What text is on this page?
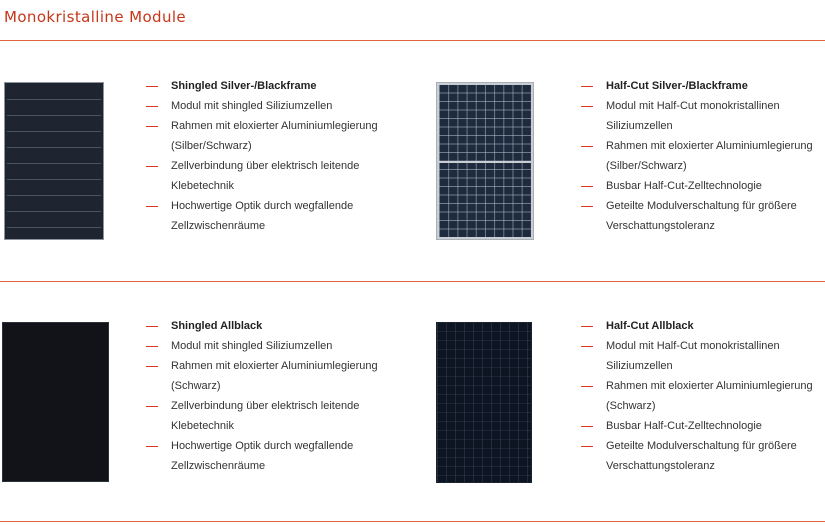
Monokristalline Module
Shingled Silver-/Blackframe
Modul mit shingled Siliziumzellen
Rahmen mit eloxierter Aluminiumlegierung
(Silber/Schwarz)
Zellverbindung über elektrisch leitende
Klebetechnik
Hochwertige Optik durch wegfallende
Zellzwischenräume
Half-Cut Silver-/Blackframe
Modul mit Half-Cut monokristallinen
Siliziumzellen
Rahmen mit eloxierter Aluminiumlegierung
(Silber/Schwarz)
Busbar Half-Cut-Zelltechnologie
Geteilte Modulverschaltung für größere
Verschattungstoleranz
Shingled Allblack
Modul mit shingled Siliziumzellen
Rahmen mit eloxierter Aluminiumlegierung
(Schwarz)
Zellverbindung über elektrisch leitende
Klebetechnik
Hochwertige Optik durch wegfallende
Zellzwischenräume
Half-Cut Allblack
Modul mit Half-Cut monokristallinen
Siliziumzellen
Rahmen mit eloxierter Aluminiumlegierung
(Schwarz)
Busbar Half-Cut-Zelltechnologie
Geteilte Modulverschaltung für größere
Verschattungstoleranz
